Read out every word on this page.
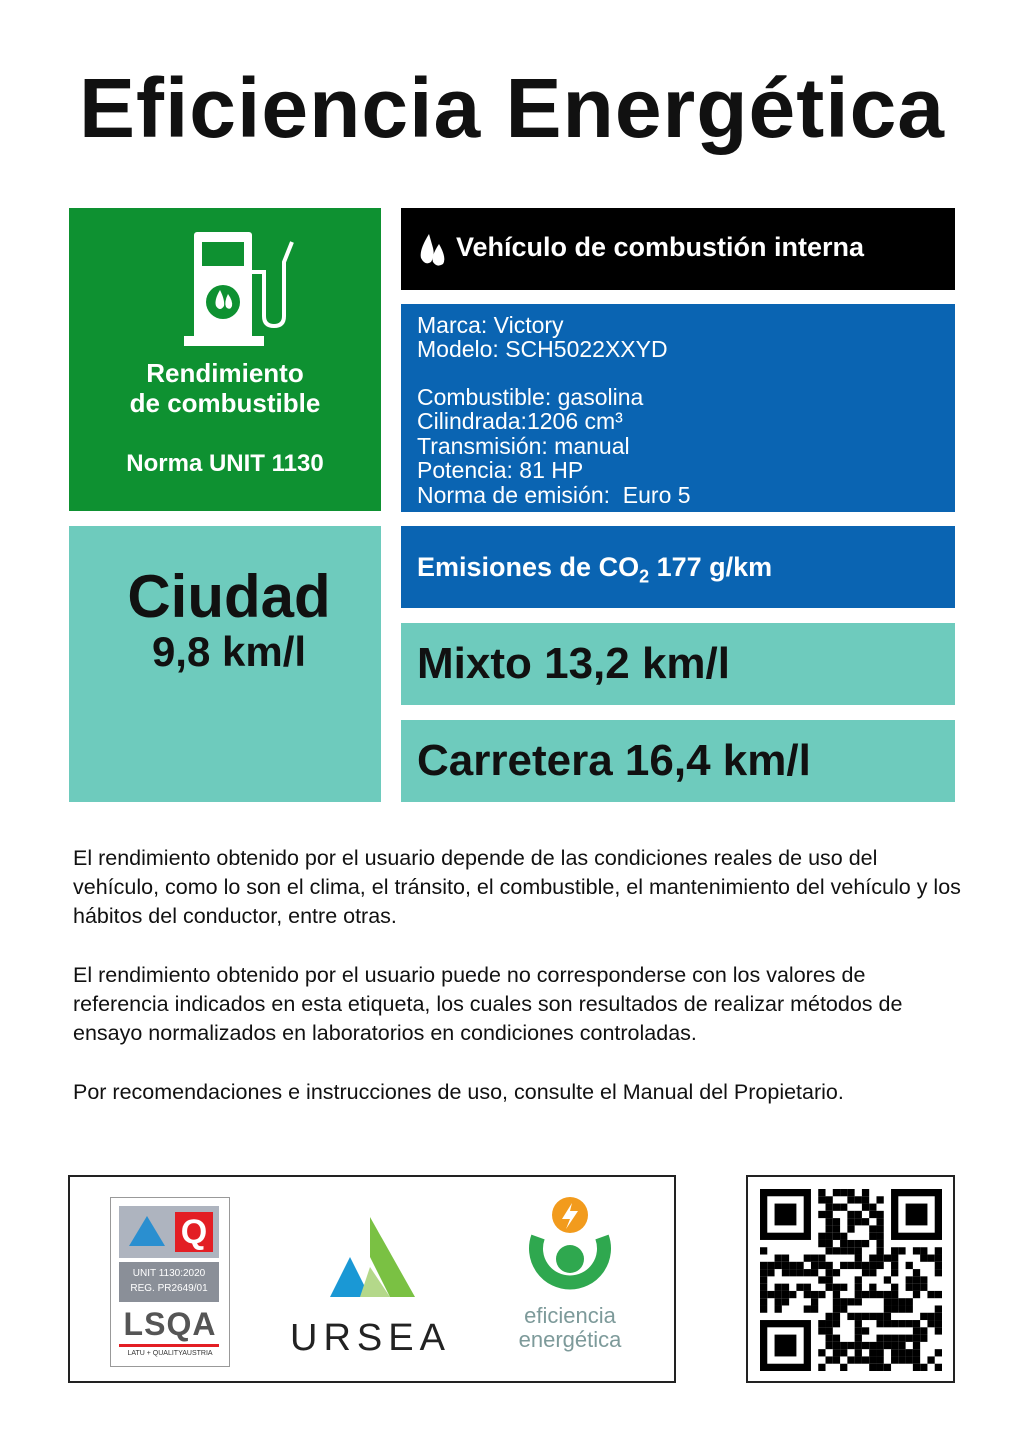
Eficiencia Energética
Rendimiento
de combustible
Norma UNIT 1130
Vehículo de combustión interna
Marca: Victory
Modelo: SCH5022XXYD
Combustible: gasolina
Cilindrada:1206 cm³
Transmisión: manual
Potencia: 81 HP
Norma de emisión:  Euro 5
Ciudad
9,8 km/l
Emisiones de $CO_2$ 177 g/km
Mixto 13,2 km/l
Carretera 16,4 km/l
El rendimiento obtenido por el usuario depende de las condiciones reales de uso del vehículo, como lo son el clima, el tránsito, el combustible, el mantenimiento del vehículo y los hábitos del conductor, entre otras.
El rendimiento obtenido por el usuario puede no corresponderse con los valores de referencia indicados en esta etiqueta, los cuales son resultados de realizar métodos de ensayo normalizados en laboratorios en condiciones controladas.
Por recomendaciones e instrucciones de uso, consulte el Manual del Propietario.
Q
UNIT 1130:2020
REG. PR2649/01
LSQA
LATU + QUALITYAUSTRIA	URSEA
eficiencia
energética
